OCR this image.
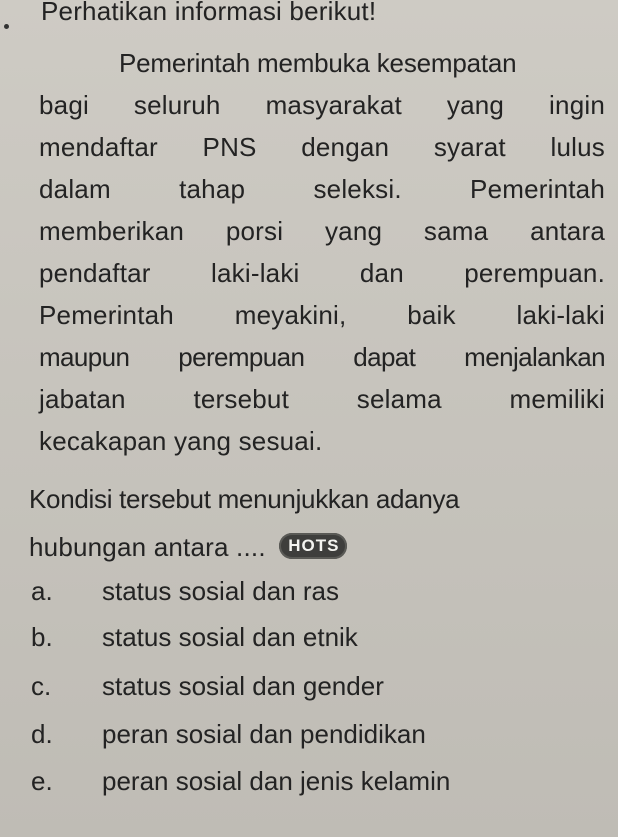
Perhatikan informasi berikut!
Pemerintah membuka kesempatan
bagi seluruh masyarakat yang ingin
mendaftar PNS dengan syarat lulus
dalam tahap seleksi. Pemerintah
memberikan porsi yang sama antara
pendaftar laki-laki dan perempuan.
Pemerintah meyakini, baik laki-laki
maupun perempuan dapat menjalankan
jabatan tersebut selama memiliki
kecakapan yang sesuai.
Kondisi tersebut menunjukkan adanya
hubungan antara .... HOTS
a. status sosial dan ras
b. status sosial dan etnik
c. status sosial dan gender
d. peran sosial dan pendidikan
e. peran sosial dan jenis kelamin
